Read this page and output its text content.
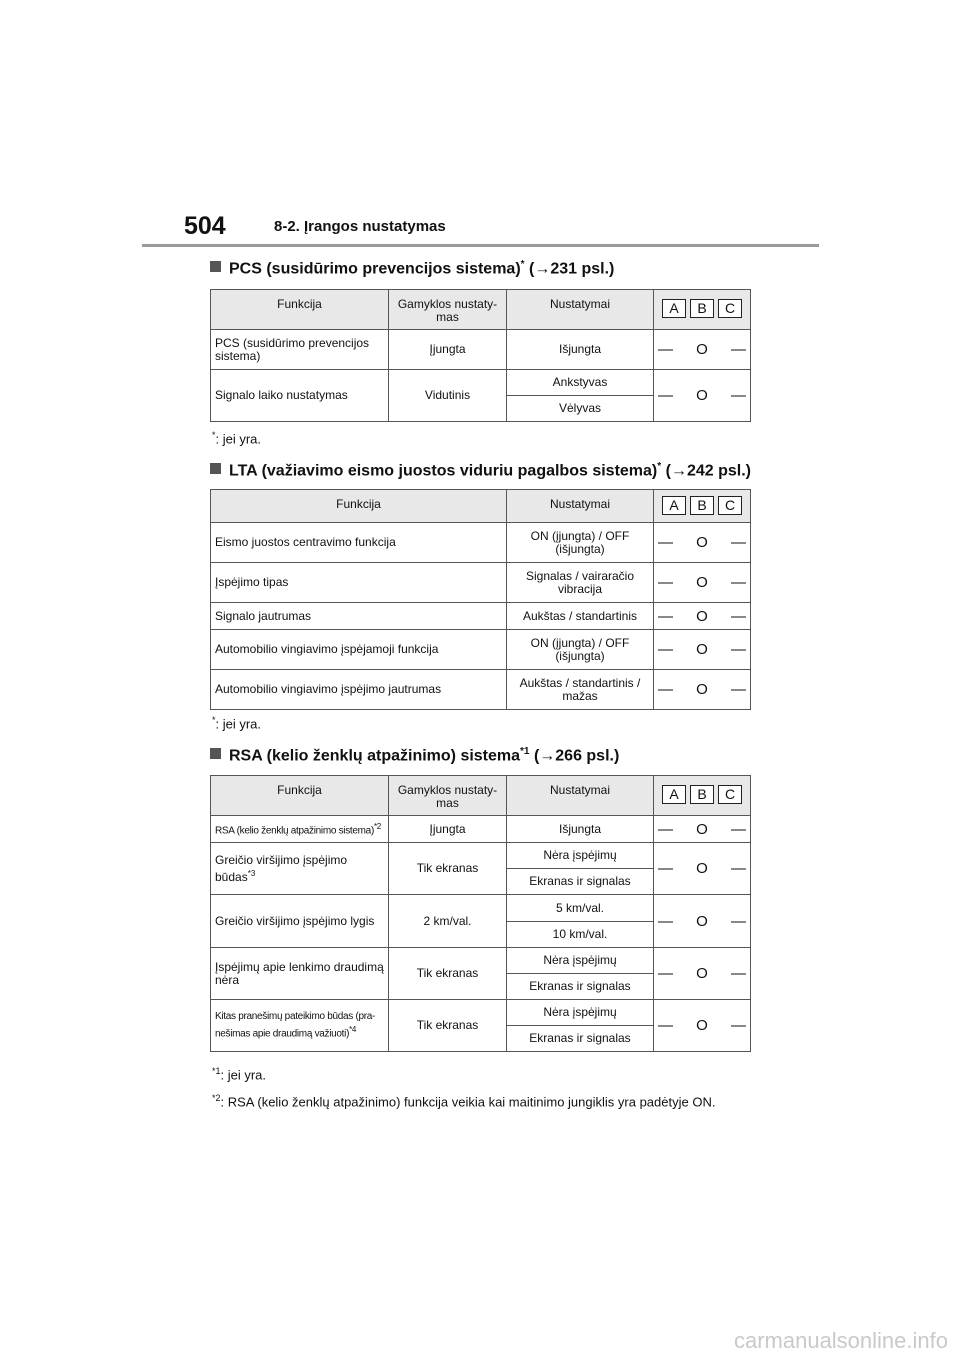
504	8-2. Įrangos nustatymas
PCS (susidūrimo prevencijos sistema)* (→231 psl.)
Funkcija	Gamyklos nustaty-mas	Nustatymai	A B C

PCS (susidūrimo prevencijos sistema)	Įjungta	Išjungta	— O —

Signalo laiko nustatymas	Vidutinis	Ankstyvas	— O —

		Vėlyvas	
*: jei yra.
LTA (važiavimo eismo juostos viduriu pagalbos sistema)* (→242 psl.)
Funkcija	Nustatymai	A B C

Eismo juostos centravimo funkcija	ON (įjungta) / OFF (išjungta)	— O —

Įspėjimo tipas	Signalas / vairaračio vibracija	— O —

Signalo jautrumas	Aukštas / standartinis	— O —

Automobilio vingiavimo įspėjamoji funkcija	ON (įjungta) / OFF (išjungta)	— O —

Automobilio vingiavimo įspėjimo jautrumas	Aukštas / standartinis / mažas	— O —
*: jei yra.
RSA (kelio ženklų atpažinimo) sistema$^{*1}$ (→266 psl.)
Funkcija	Gamyklos nustaty-mas	Nustatymai	A B C

RSA (kelio ženklų atpažinimo sistema)$^{*2}$	Įjungta	Išjungta	— O —

Greičio viršijimo įspėjimo būdas$^{*3}$	Tik ekranas	Nėra įspėjimų	— O —

		Ekranas ir signalas	
Greičio viršijimo įspėjimo lygis	2 km/val.	5 km/val.	— O —

		10 km/val.	
Įspėjimų apie lenkimo draudimą nėra	Tik ekranas	Nėra įspėjimų	— O —

		Ekranas ir signalas	
Kitas pranešimų pateikimo būdas (pra-nešimas apie draudimą važiuoti)$^{*4}$	Tik ekranas	Nėra įspėjimų	— O —

		Ekranas ir signalas	
$^{*1}$: jei yra.
$^{*2}$: RSA (kelio ženklų atpažinimo) funkcija veikia kai maitinimo jungiklis yra padėtyje ON.
carmanualsonline.info
